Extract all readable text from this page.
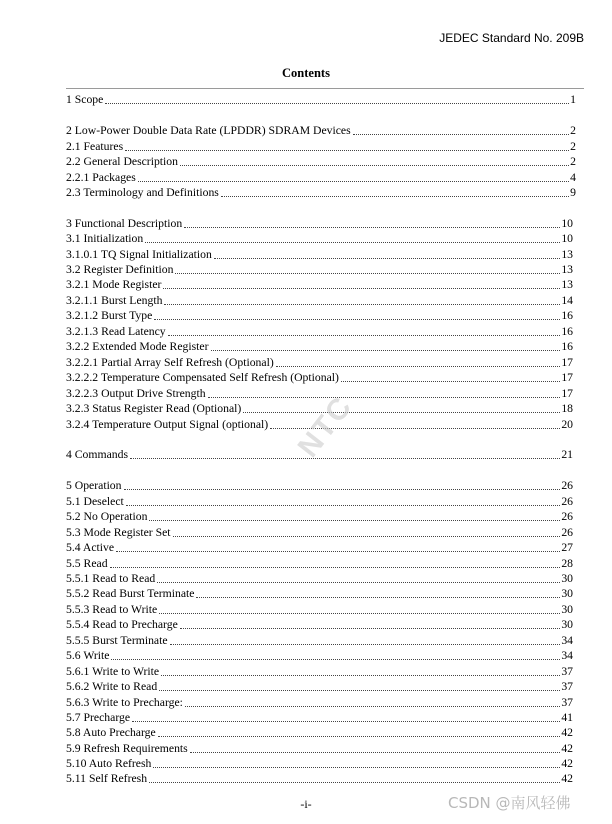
JEDEC Standard No. 209B
Contents
1 Scope	1
2 Low-Power Double Data Rate (LPDDR) SDRAM Devices	2
2.1 Features	2
2.2 General Description	2
2.2.1 Packages	4
2.3 Terminology and Definitions	9
3 Functional Description	10
3.1 Initialization	10
3.1.0.1 TQ Signal Initialization	13
3.2 Register Definition	13
3.2.1 Mode Register	13
3.2.1.1 Burst Length	14
3.2.1.2 Burst Type	16
3.2.1.3 Read Latency	16
3.2.2 Extended Mode Register	16
3.2.2.1 Partial Array Self Refresh (Optional)	17
3.2.2.2 Temperature Compensated Self Refresh (Optional)	17
3.2.2.3 Output Drive Strength	17
3.2.3 Status Register Read (Optional)	18
3.2.4 Temperature Output Signal (optional)	20
4 Commands	21
5 Operation	26
5.1 Deselect	26
5.2 No Operation	26
5.3 Mode Register Set	26
5.4 Active	27
5.5 Read	28
5.5.1 Read to Read	30
5.5.2 Read Burst Terminate	30
5.5.3 Read to Write	30
5.5.4 Read to Precharge	30
5.5.5 Burst Terminate	34
5.6 Write	34
5.6.1 Write to Write	37
5.6.2 Write to Read	37
5.6.3 Write to Precharge:	37
5.7 Precharge	41
5.8 Auto Precharge	42
5.9 Refresh Requirements	42
5.10 Auto Refresh	42
5.11 Self Refresh	42
NTC
-i-	CSDN @南风轻佛
